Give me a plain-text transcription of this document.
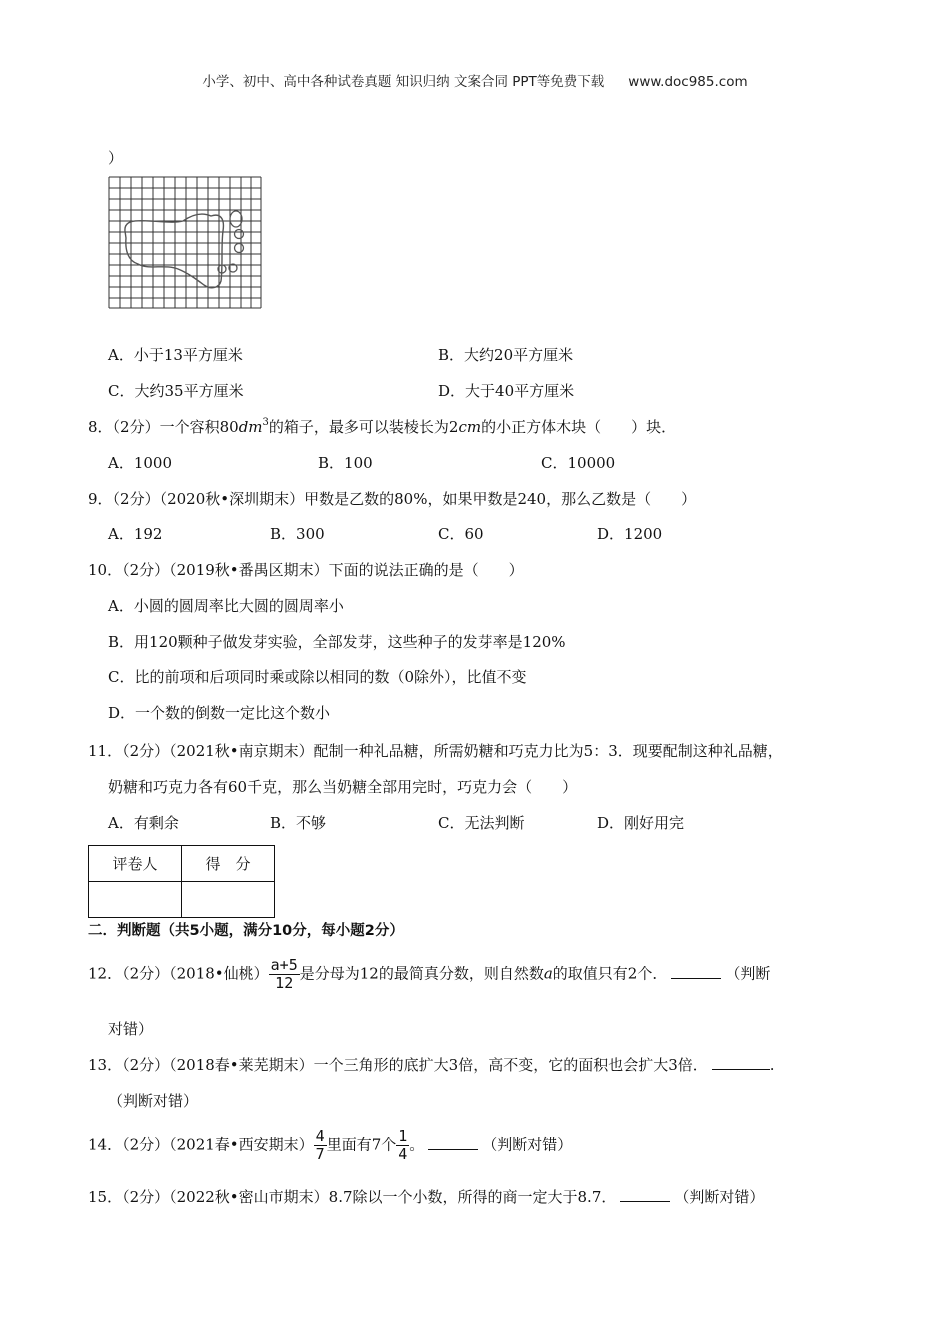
小学、初中、高中各种试卷真题 知识归纳 文案合同 PPT等免费下载 www.doc985.com
）
A．小于13平方厘米	B．大约20平方厘米
C．大约35平方厘米	D．大于40平方厘米
8．（2分）一个容积$80dm^3$的箱子，最多可以装棱长为2cm的小正方体木块（　　）块．
A．1000	B．100	C．10000
9．（2分）（2020秋•深圳期末）甲数是乙数的80%，如果甲数是240，那么乙数是（　　）
A．192	B．300	C．60	D．1200
10．（2分）（2019秋•番禺区期末）下面的说法正确的是（　　）
A．小圆的圆周率比大圆的圆周率小
B．用120颗种子做发芽实验，全部发芽，这些种子的发芽率是120%
C．比的前项和后项同时乘或除以相同的数（0除外），比值不变
D．一个数的倒数一定比这个数小
11．（2分）（2021秋•南京期末）配制一种礼品糖，所需奶糖和巧克力比为5：3．现要配制这种礼品糖，
奶糖和巧克力各有60千克，那么当奶糖全部用完时，巧克力会（　　）
A．有剩余	B．不够	C．无法判断	D．刚好用完
评卷人	得　分

二．判断题（共5小题，满分10分，每小题2分）
12．（2分）（2018•仙桃） $\frac{a+5}{12}$ 是分母为12的最简真分数，则自然数a的取值只有2个．	（判断
对错）
13．（2分）（2018春•莱芜期末）一个三角形的底扩大3倍，高不变，它的面积也会扩大3倍．	.
（判断对错）
14．（2分）（2021春•西安期末） $\frac{4}{7}$ 里面有7个 $\frac{1}{4}$ 。	（判断对错）
15．（2分）（2022秋•密山市期末）8.7除以一个小数，所得的商一定大于8.7．	（判断对错）
